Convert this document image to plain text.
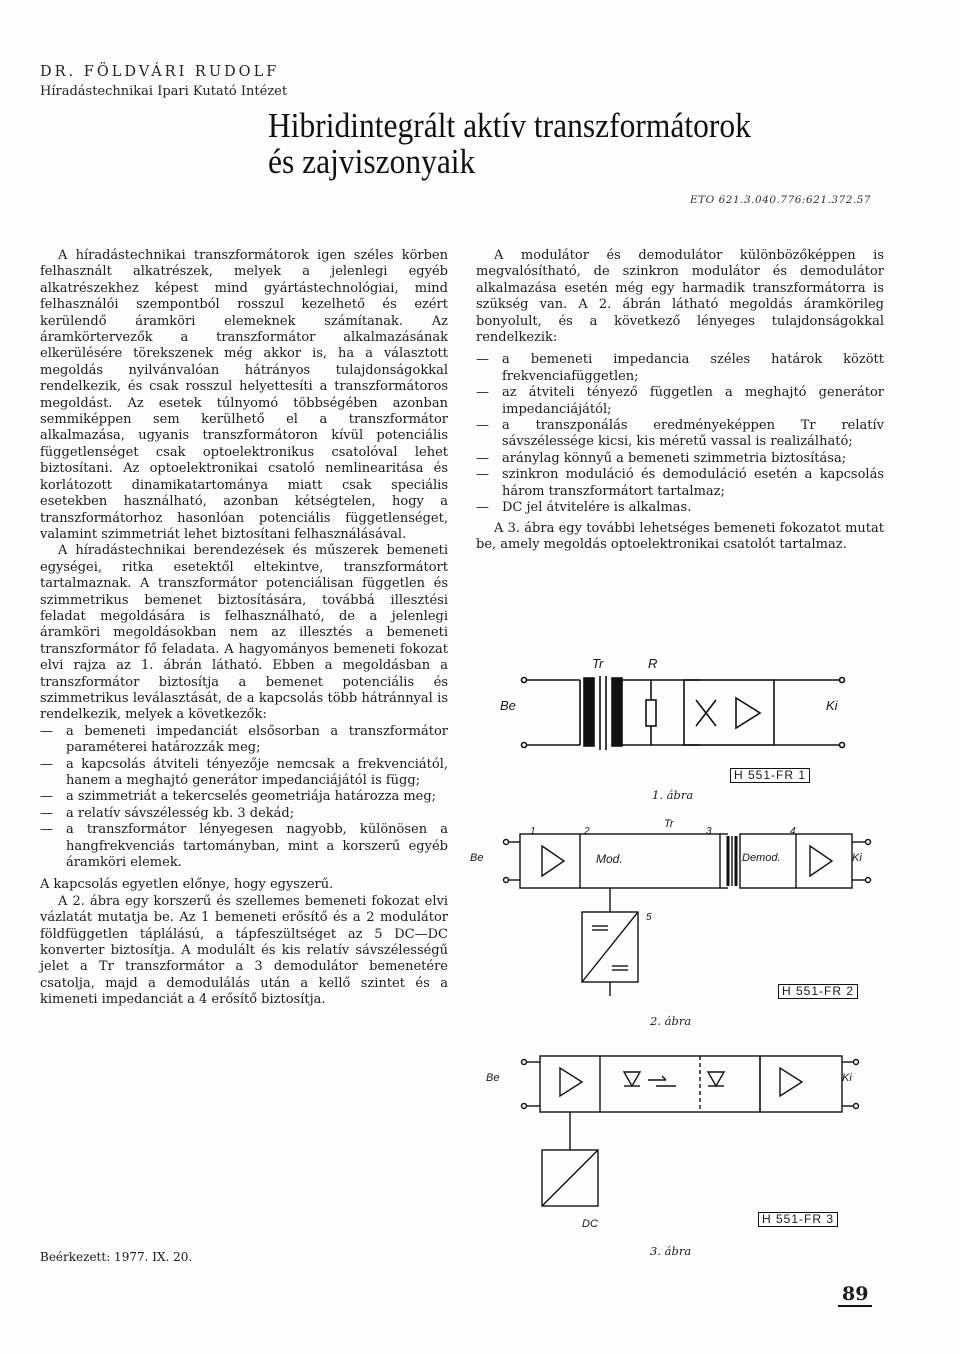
DR. FÖLDVÁRI RUDOLF
Híradástechnikai Ipari Kutató Intézet
Hibridintegrált aktív transzformátorok
és zajviszonyaik
ETO 621.3.040.776:621.372.57

A híradástechnikai transzformátorok igen széles körben felhasznált alkatrészek, melyek a jelenlegi egyéb alkatrészekhez képest mind gyártástechnológiai, mind felhasználói szempontból rosszul kezelhető és ezért kerülendő áramköri elemeknek számítanak. Az áramkörtervezők a transzformátor alkalmazásának elkerülésére törekszenek még akkor is, ha a választott megoldás nyilvánvalóan hátrányos tulajdonságokkal rendelkezik, és csak rosszul helyettesíti a transzformátoros megoldást. Az esetek túlnyomó többségében azonban semmiképpen sem kerülhető el a transzformátor alkalmazása, ugyanis transzformátoron kívül potenciális függetlenséget csak optoelektronikus csatolóval lehet biztosítani. Az optoelektronikai csatoló nemlinearitása és korlátozott dinamikatartománya miatt csak speciális esetekben használható, azonban kétségtelen, hogy a transzformátorhoz hasonlóan potenciális függetlenséget, valamint szimmetriát lehet biztosítani felhasználásával.

A híradástechnikai berendezések és műszerek bemeneti egységei, ritka esetektől eltekintve, transzformátort tartalmaznak. A transzformátor potenciálisan független és szimmetrikus bemenet biztosítására, továbbá illesztési feladat megoldására is felhasználható, de a jelenlegi áramköri megoldásokban nem az illesztés a bemeneti transzformátor fő feladata. A hagyományos bemeneti fokozat elvi rajza az 1. ábrán látható. Ebben a megoldásban a transzformátor biztosítja a bemenet potenciális és szimmetrikus leválasztását, de a kapcsolás több hátránnyal is rendelkezik, melyek a következők:

— a bemeneti impedanciát elsősorban a transzformátor paraméterei határozzák meg;
— a kapcsolás átviteli tényezője nemcsak a frekvenciától, hanem a meghajtó generátor impedanciájától is függ;
— a szimmetriát a tekercselés geometriája határozza meg;
— a relatív sávszélesség kb. 3 dekád;
— a transzformátor lényegesen nagyobb, különösen a hangfrekvenciás tartományban, mint a korszerű egyéb áramköri elemek.

A kapcsolás egyetlen előnye, hogy egyszerű.

A 2. ábra egy korszerű és szellemes bemeneti fokozat elvi vázlatát mutatja be. Az 1 bemeneti erősítő és a 2 modulátor földfüggetlen táplálású, a tápfeszültséget az 5 DC—DC konverter biztosítja. A modulált és kis relatív sávszélességű jelet a Tr transzformátor a 3 demodulátor bemenetére csatolja, majd a demodulálás után a kellő szintet és a kimeneti impedanciát a 4 erősítő biztosítja.

A modulátor és demodulátor különbözőképpen is megvalósítható, de szinkron modulátor és demodulátor alkalmazása esetén még egy harmadik transzformátorra is szükség van. A 2. ábrán látható megoldás áramkörileg bonyolult, és a következő lényeges tulajdonságokkal rendelkezik:

— a bemeneti impedancia széles határok között frekvenciafüggetlen;
— az átviteli tényező független a meghajtó generátor impedanciájától;
— a transzponálás eredményeképpen Tr relatív sávszélessége kicsi, kis méretű vassal is realizálható;
— aránylag könnyű a bemeneti szimmetria biztosítása;
— szinkron moduláció és demoduláció esetén a kapcsolás három transzformátort tartalmaz;
— DC jel átvitelére is alkalmas.

A 3. ábra egy további lehetséges bemeneti fokozatot mutat be, amely megoldás optoelektronikai csatolót tartalmaz.

Tr	R
Be	Ki
H 551-FR 1
1. ábra
1	2	3	4
5
Tr
Be	Ki
Mod.	Demod.
H 551-FR 2
2. ábra
Be	Ki
DC	H 551-FR 3
3. ábra
Beérkezett: 1977. IX. 20.
89
